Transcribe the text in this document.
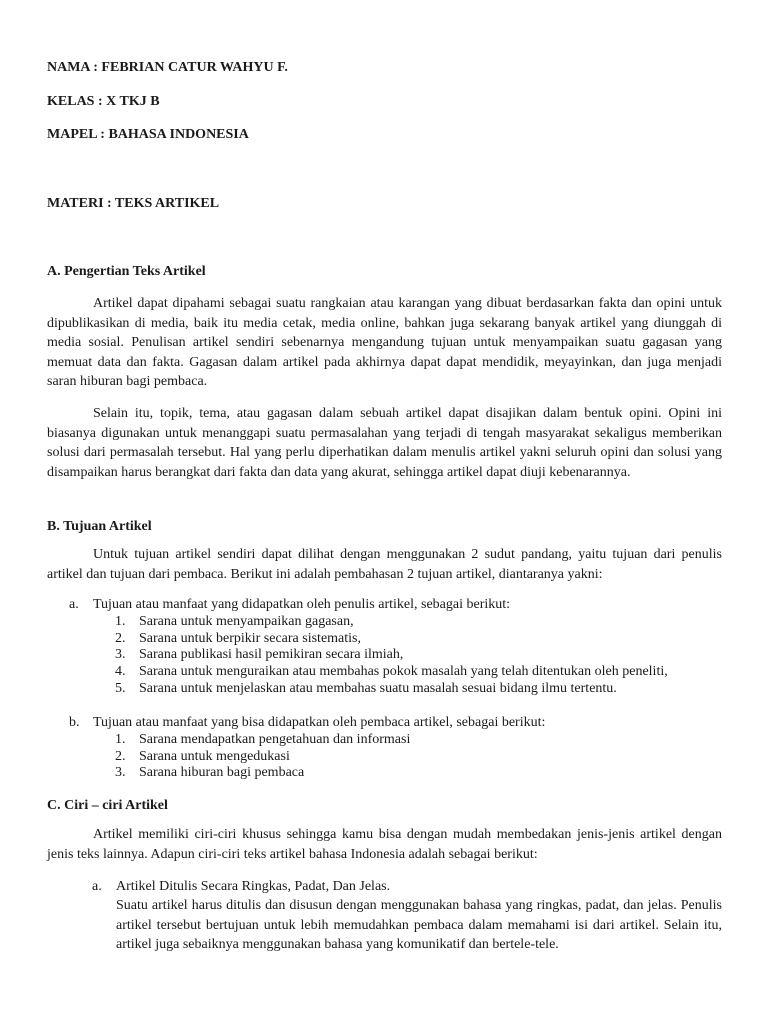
NAMA : FEBRIAN CATUR WAHYU F.
KELAS : X TKJ B
MAPEL : BAHASA INDONESIA
MATERI : TEKS ARTIKEL
A. Pengertian Teks Artikel

Artikel dapat dipahami sebagai suatu rangkaian atau karangan yang dibuat berdasarkan fakta dan opini untuk dipublikasikan di media, baik itu media cetak, media online, bahkan juga sekarang banyak artikel yang diunggah di media sosial. Penulisan artikel sendiri sebenarnya mengandung tujuan untuk menyampaikan suatu gagasan yang memuat data dan fakta. Gagasan dalam artikel pada akhirnya dapat dapat mendidik, meyayinkan, dan juga menjadi saran hiburan bagi pembaca.

Selain itu, topik, tema, atau gagasan dalam sebuah artikel dapat disajikan dalam bentuk opini. Opini ini biasanya digunakan untuk menanggapi suatu permasalahan yang terjadi di tengah masyarakat sekaligus memberikan solusi dari permasalah tersebut. Hal yang perlu diperhatikan dalam menulis artikel yakni seluruh opini dan solusi yang disampaikan harus berangkat dari fakta dan data yang akurat, sehingga artikel dapat diuji kebenarannya.

B. Tujuan Artikel

Untuk tujuan artikel sendiri dapat dilihat dengan menggunakan 2 sudut pandang, yaitu tujuan dari penulis artikel dan tujuan dari pembaca. Berikut ini adalah pembahasan 2 tujuan artikel, diantaranya yakni:

a.	Tujuan atau manfaat yang didapatkan oleh penulis artikel, sebagai berikut:
1. Sarana untuk menyampaikan gagasan,
2. Sarana untuk berpikir secara sistematis,
3. Sarana publikasi hasil pemikiran secara ilmiah,
4. Sarana untuk menguraikan atau membahas pokok masalah yang telah ditentukan oleh peneliti,
5. Sarana untuk menjelaskan atau membahas suatu masalah sesuai bidang ilmu tertentu.
b. Tujuan atau manfaat yang bisa didapatkan oleh pembaca artikel, sebagai berikut:
1. Sarana mendapatkan pengetahuan dan informasi
2. Sarana untuk mengedukasi
3. Sarana hiburan bagi pembaca
C. Ciri – ciri Artikel

Artikel memiliki ciri-ciri khusus sehingga kamu bisa dengan mudah membedakan jenis-jenis artikel dengan jenis teks lainnya. Adapun ciri-ciri teks artikel bahasa Indonesia adalah sebagai berikut:

a.	Artikel Ditulis Secara Ringkas, Padat, Dan Jelas.
Suatu artikel harus ditulis dan disusun dengan menggunakan bahasa yang ringkas, padat, dan jelas. Penulis artikel tersebut bertujuan untuk lebih memudahkan pembaca dalam memahami isi dari artikel. Selain itu, artikel juga sebaiknya menggunakan bahasa yang komunikatif dan bertele-tele.
